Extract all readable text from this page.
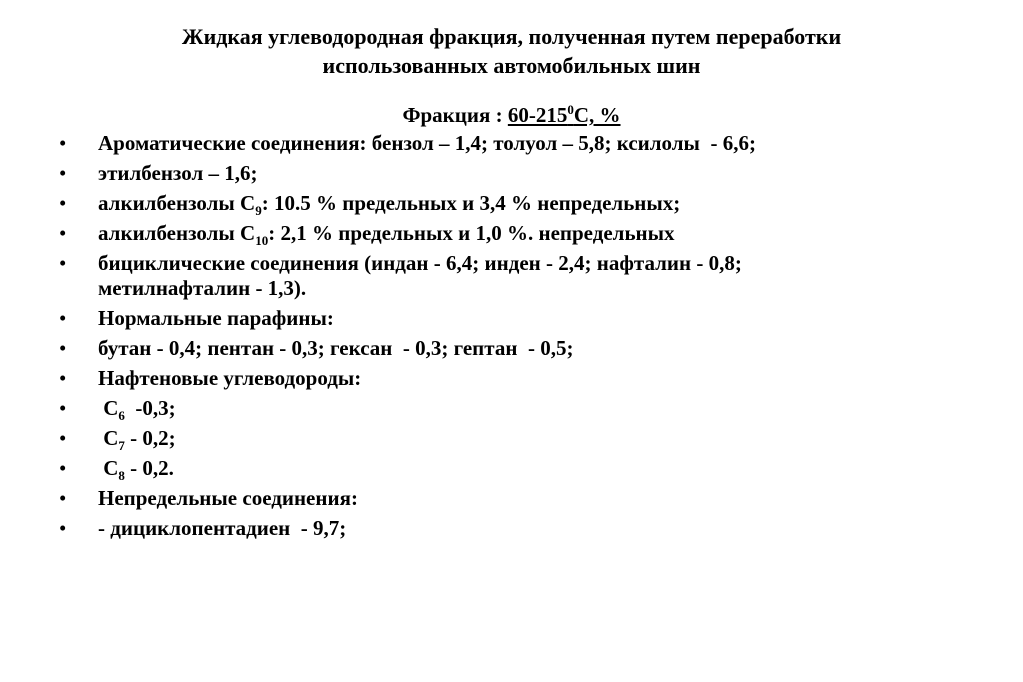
Жидкая углеводородная фракция, полученная путем переработки
использованных автомобильных шин
Фракция : $60-215^0С$, %
• Ароматические соединения: бензол – 1,4; толуол – 5,8; ксилолы  - 6,6;
• этилбензол – 1,6;
• алкилбензолы $С_9$: 10.5 % предельных и 3,4 % непредельных;
• алкилбензолы $С_{10}$: 2,1 % предельных и 1,0 %. непредельных
• бициклические соединения (индан - 6,4; инден - 2,4; нафталин - 0,8;
метилнафталин - 1,3).
• Нормальные парафины:
• бутан - 0,4; пентан - 0,3; гексан  - 0,3; гептан  - 0,5;
• Нафтеновые углеводороды:
• $С_6$  -0,3;
• $С_7 - 0,2$;
• $С_8 - 0,2$.
• Непредельные соединения:
• - дициклопентадиен  - 9,7;
